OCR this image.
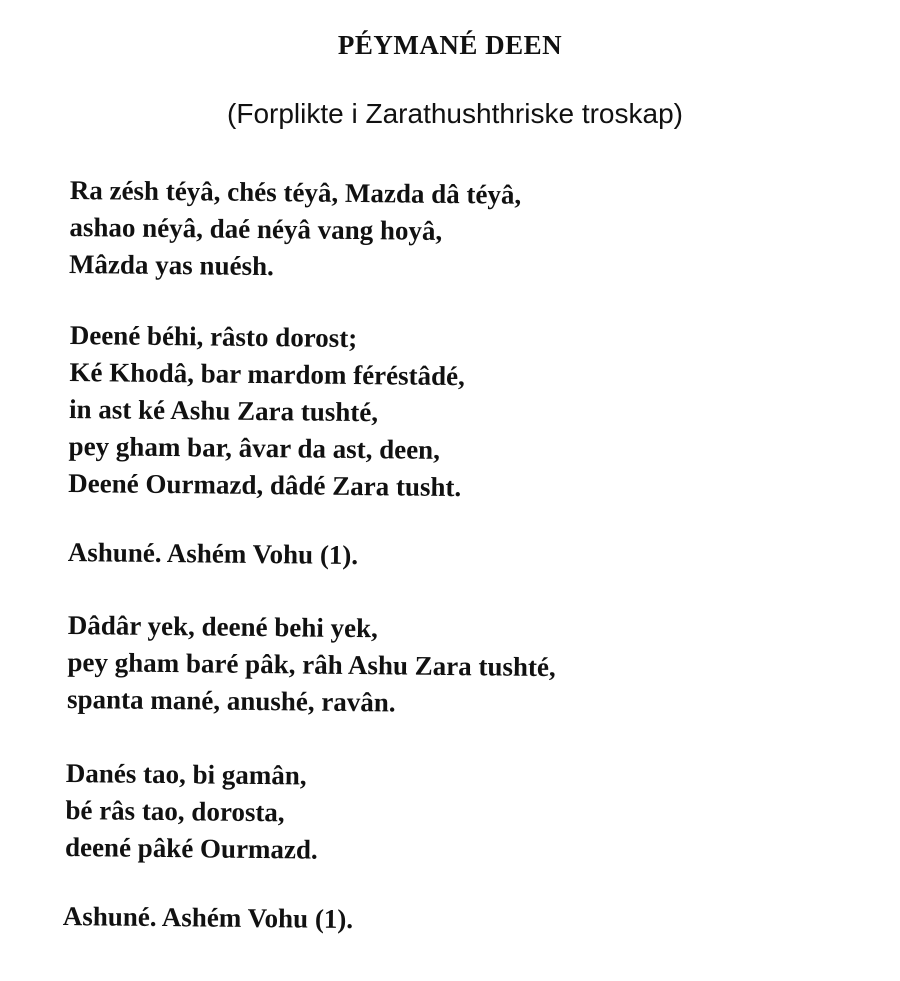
PÉYMANÉ DEEN
(Forplikte i Zarathushthriske troskap)
Ra zésh téyâ, chés téyâ, Mazda dâ téyâ,
ashao néyâ, daé néyâ vang hoyâ,
Mâzda yas nuésh.
Deené béhi, râsto dorost;
Ké Khodâ, bar mardom féréstâdé,
in ast ké Ashu Zara tushté,
pey gham bar, âvar da ast, deen,
Deené Ourmazd, dâdé Zara tusht.
Ashuné. Ashém Vohu (1).
Dâdâr yek, deené behi yek,
pey gham baré pâk, râh Ashu Zara tushté,
spanta mané, anushé, ravân.
Danés tao, bi gamân,
bé râs tao, dorosta,
deené pâké Ourmazd.
Ashuné. Ashém Vohu (1).
